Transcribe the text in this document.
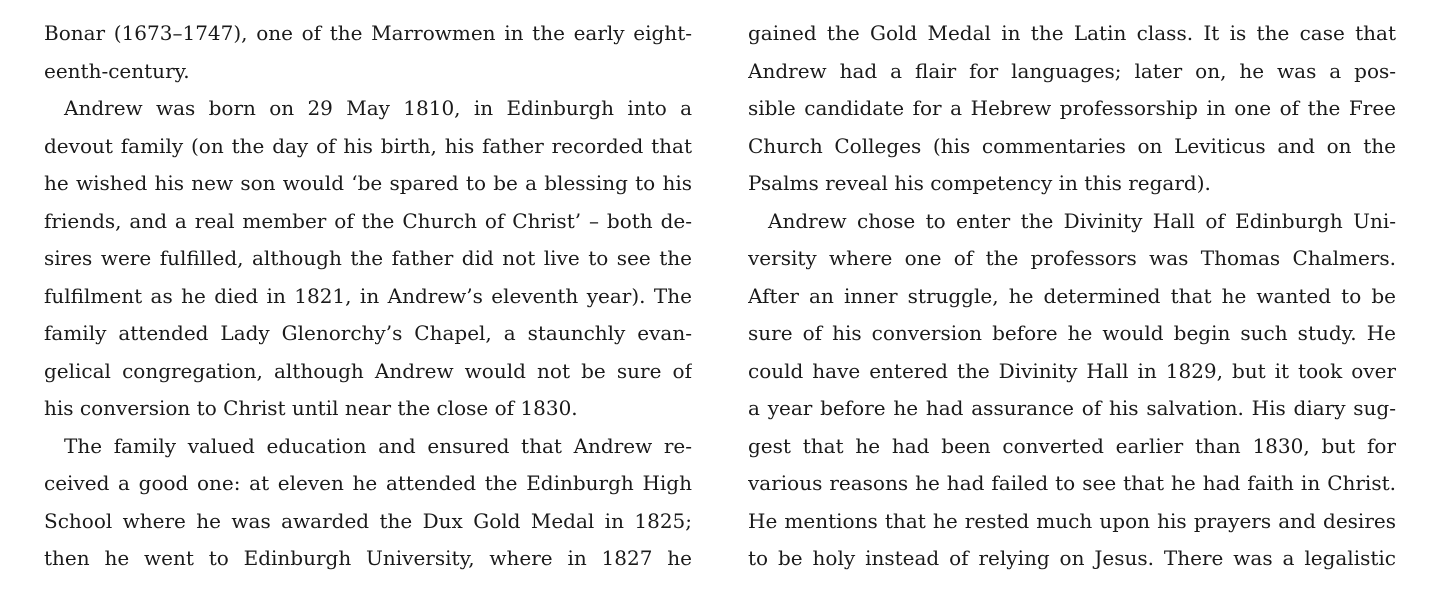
Bonar (1673–1747), one of the Marrowmen in the early eight-
eenth-century.
Andrew was born on 29 May 1810, in Edinburgh into a
devout family (on the day of his birth, his father recorded that
he wished his new son would ‘be spared to be a blessing to his
friends, and a real member of the Church of Christ’ – both de-
sires were fulfilled, although the father did not live to see the
fulfilment as he died in 1821, in Andrew’s eleventh year). The
family attended Lady Glenorchy’s Chapel, a staunchly evan-
gelical congregation, although Andrew would not be sure of
his conversion to Christ until near the close of 1830.
The family valued education and ensured that Andrew re-
ceived a good one: at eleven he attended the Edinburgh High
School where he was awarded the Dux Gold Medal in 1825;
then he went to Edinburgh University, where in 1827 he
gained the Gold Medal in the Latin class. It is the case that
Andrew had a flair for languages; later on, he was a pos-
sible candidate for a Hebrew professorship in one of the Free
Church Colleges (his commentaries on Leviticus and on the
Psalms reveal his competency in this regard).
Andrew chose to enter the Divinity Hall of Edinburgh Uni-
versity where one of the professors was Thomas Chalmers.
After an inner struggle, he determined that he wanted to be
sure of his conversion before he would begin such study. He
could have entered the Divinity Hall in 1829, but it took over
a year before he had assurance of his salvation. His diary sug-
gest that he had been converted earlier than 1830, but for
various reasons he had failed to see that he had faith in Christ.
He mentions that he rested much upon his prayers and desires
to be holy instead of relying on Jesus. There was a legalistic
